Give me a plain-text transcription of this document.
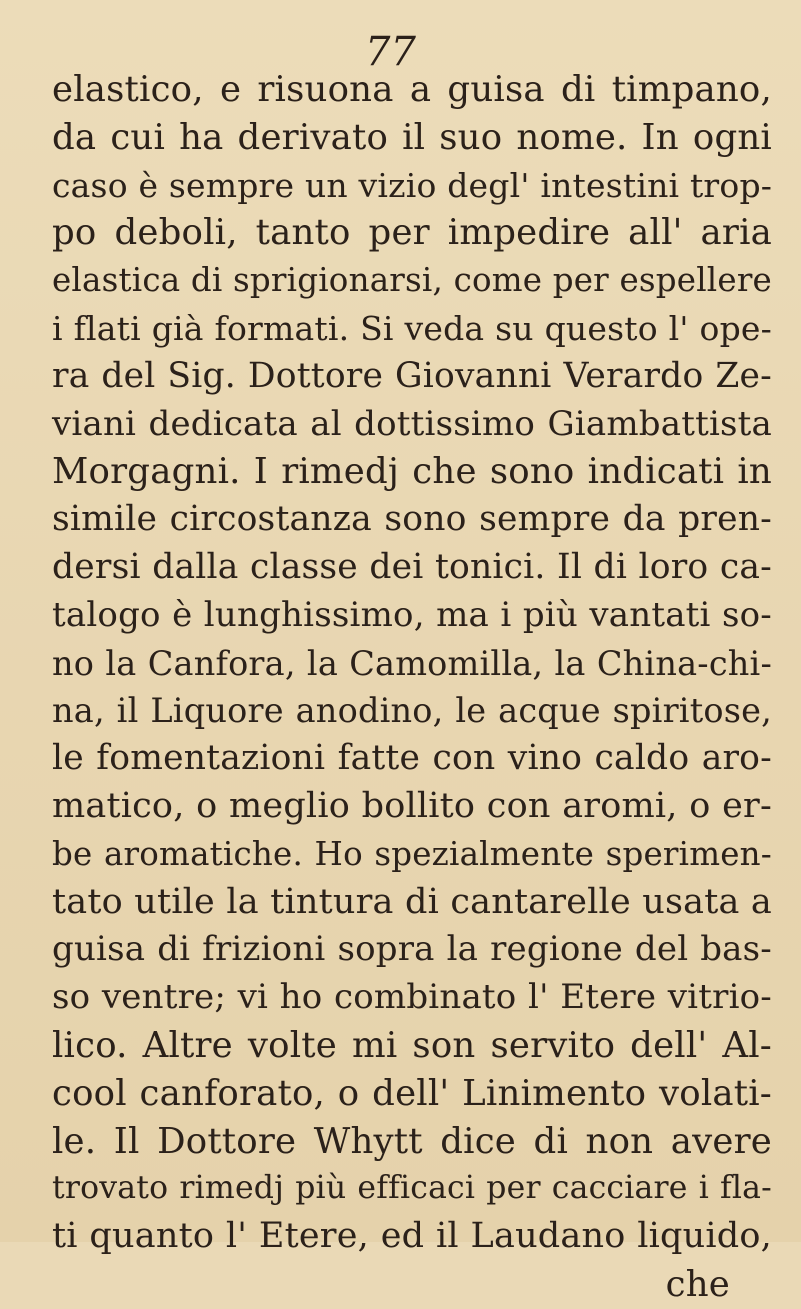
77
elastico, e risuona a guisa di timpano,
da cui ha derivato il suo nome. In ogni
caso è sempre un vizio degl' intestini trop-
po deboli, tanto per impedire all' aria
elastica di sprigionarsi, come per espellere
i flati già formati. Si veda su questo l' ope-
ra del Sig. Dottore Giovanni Verardo Ze-
viani dedicata al dottissimo Giambattista
Morgagni. I rimedj che sono indicati in
simile circostanza sono sempre da pren-
dersi dalla classe dei tonici. Il di loro ca-
talogo è lunghissimo, ma i più vantati so-
no la Canfora, la Camomilla, la China-chi-
na, il Liquore anodino, le acque spiritose,
le fomentazioni fatte con vino caldo aro-
matico, o meglio bollito con aromi, o er-
be aromatiche. Ho spezialmente sperimen-
tato utile la tintura di cantarelle usata a
guisa di frizioni sopra la regione del bas-
so ventre; vi ho combinato l' Etere vitrio-
lico. Altre volte mi son servito dell' Al-
cool canforato, o dell' Linimento volati-
le. Il Dottore Whytt dice di non avere
trovato rimedj più efficaci per cacciare i fla-
ti quanto l' Etere, ed il Laudano liquido,
che
